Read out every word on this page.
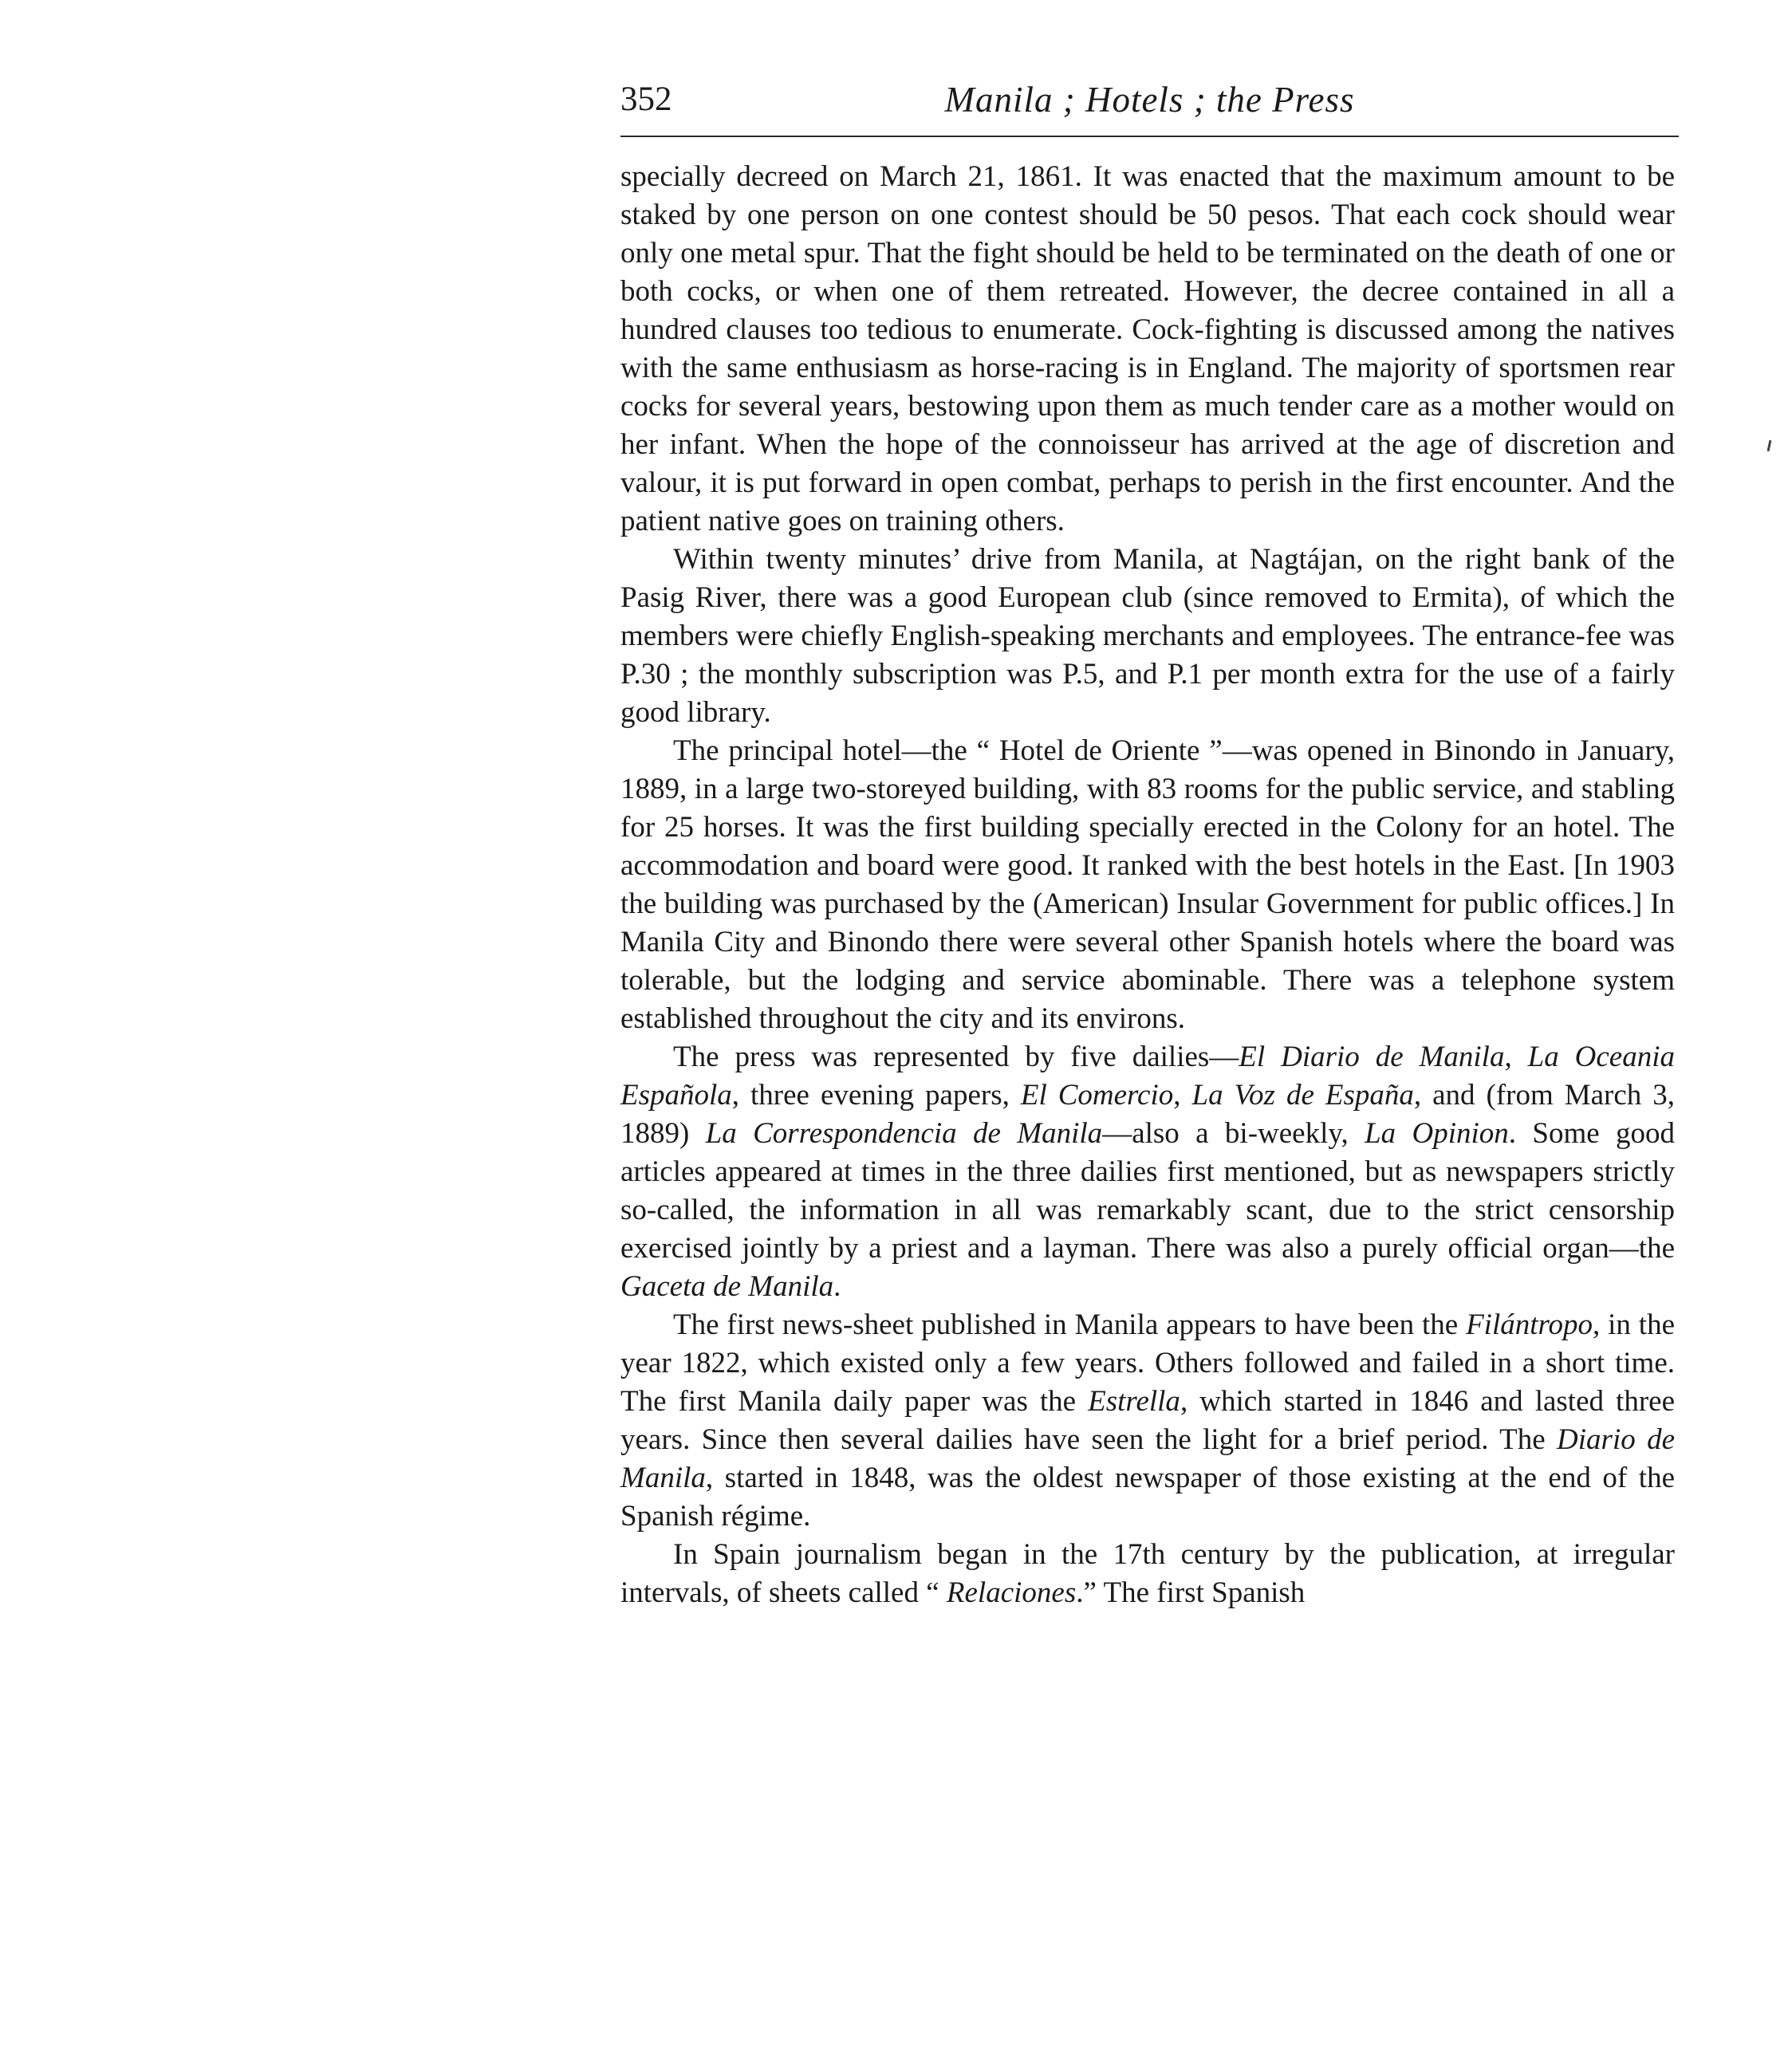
352	Manila ; Hotels ; the Press

specially decreed on March 21, 1861. It was enacted that the maximum amount to be staked by one person on one contest should be 50 pesos. That each cock should wear only one metal spur. That the fight should be held to be terminated on the death of one or both cocks, or when one of them retreated. However, the decree contained in all a hundred clauses too tedious to enumerate. Cock-fighting is discussed among the natives with the same enthusiasm as horse-racing is in England. The majority of sportsmen rear cocks for several years, bestowing upon them as much tender care as a mother would on her infant. When the hope of the connoisseur has arrived at the age of discretion and valour, it is put forward in open combat, perhaps to perish in the first encounter. And the patient native goes on training others.

Within twenty minutes’ drive from Manila, at Nagtájan, on the right bank of the Pasig River, there was a good European club (since removed to Ermita), of which the members were chiefly English-speaking merchants and employees. The entrance-fee was P.30 ; the monthly subscription was P.5, and P.1 per month extra for the use of a fairly good library.

The principal hotel—the “ Hotel de Oriente ”—was opened in Binondo in January, 1889, in a large two-storeyed building, with 83 rooms for the public service, and stabling for 25 horses. It was the first building specially erected in the Colony for an hotel. The accommodation and board were good. It ranked with the best hotels in the East. [In 1903 the building was purchased by the (American) Insular Government for public offices.] In Manila City and Binondo there were several other Spanish hotels where the board was tolerable, but the lodging and service abominable. There was a telephone system established throughout the city and its environs.

The press was represented by five dailies—El Diario de Manila, La Oceania Española, three evening papers, El Comercio, La Voz de España, and (from March 3, 1889) La Correspondencia de Manila—also a bi-weekly, La Opinion. Some good articles appeared at times in the three dailies first mentioned, but as newspapers strictly so-called, the information in all was remarkably scant, due to the strict censorship exercised jointly by a priest and a layman. There was also a purely official organ—the Gaceta de Manila.

The first news-sheet published in Manila appears to have been the Filántropo, in the year 1822, which existed only a few years. Others followed and failed in a short time. The first Manila daily paper was the Estrella, which started in 1846 and lasted three years. Since then several dailies have seen the light for a brief period. The Diario de Manila, started in 1848, was the oldest newspaper of those existing at the end of the Spanish régime.

In Spain journalism began in the 17th century by the publication, at irregular intervals, of sheets called “ Relaciones.” The first Spanish
